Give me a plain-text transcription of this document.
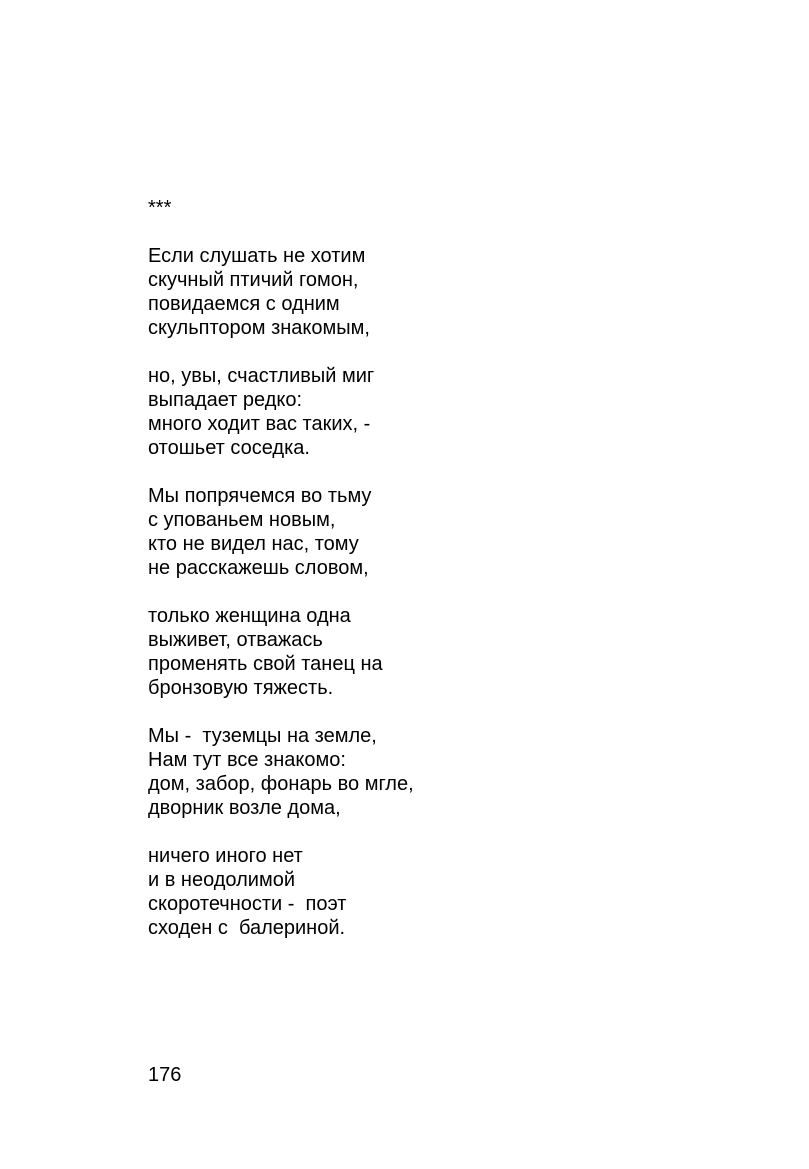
***
Если слушать не хотим
скучный птичий гомон,
повидаемся с одним
скульптором знакомым,
но, увы, счастливый миг
выпадает редко:
много ходит вас таких, -
отошьет соседка.
Мы попрячемся во тьму
с упованьем новым,
кто не видел нас, тому
не расскажешь словом,
только женщина одна
выживет, отважась
променять свой танец на
бронзовую тяжесть.
Мы -  туземцы на земле,
Нам тут все знакомо:
дом, забор, фонарь во мгле,
дворник возле дома,
ничего иного нет
и в неодолимой
скоротечности -  поэт
сходен с  балериной.
176
